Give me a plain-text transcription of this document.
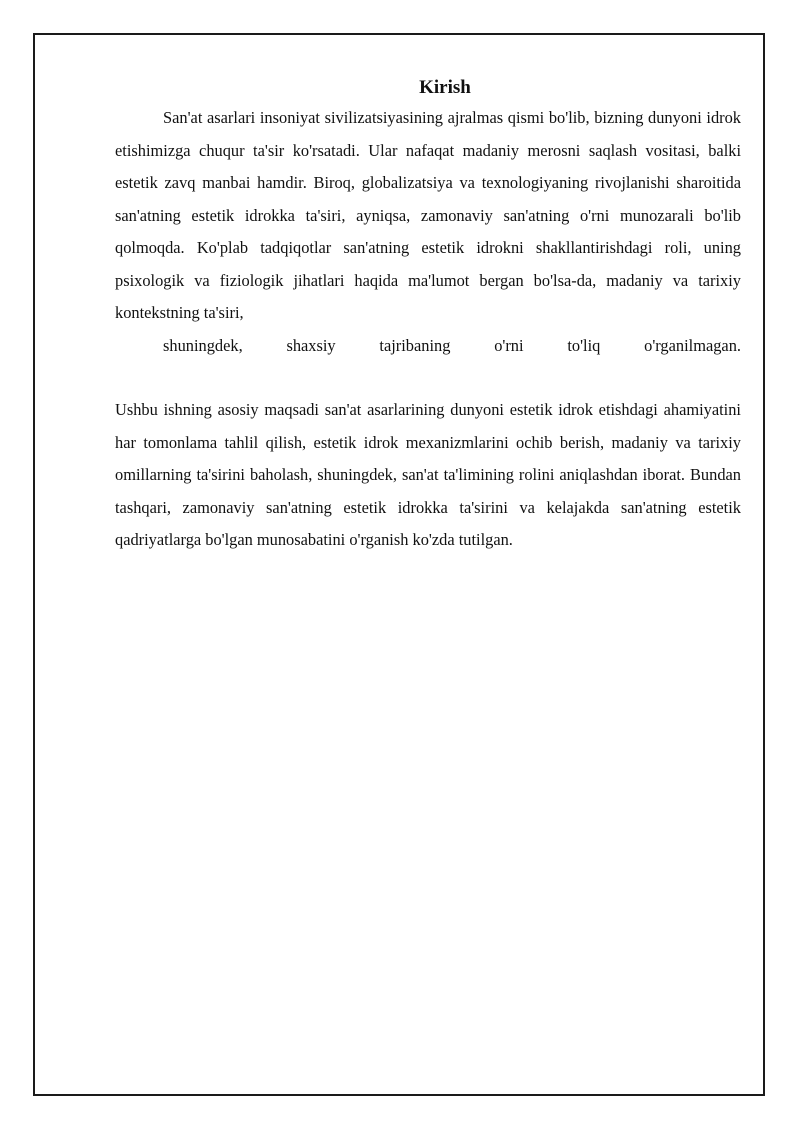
Kirish

San'at asarlari insoniyat sivilizatsiyasining ajralmas qismi bo'lib, bizning dunyoni idrok etishimizga chuqur ta'sir ko'rsatadi. Ular nafaqat madaniy merosni saqlash vositasi, balki estetik zavq manbai hamdir. Biroq, globalizatsiya va texnologiyaning rivojlanishi sharoitida san'atning estetik idrokka ta'siri, ayniqsa, zamonaviy san'atning o'rni munozarali bo'lib qolmoqda. Ko'plab tadqiqotlar san'atning estetik idrokni shakllantirishdagi roli, uning psixologik va fiziologik jihatlari haqida ma'lumot bergan bo'lsa-da, madaniy va tarixiy kontekstning ta'siri,
shuningdek, shaxsiy tajribaning o'rni to'liq o'rganilmagan.

Ushbu ishning asosiy maqsadi san'at asarlarining dunyoni estetik idrok etishdagi ahamiyatini har tomonlama tahlil qilish, estetik idrok mexanizmlarini ochib berish, madaniy va tarixiy omillarning ta'sirini baholash, shuningdek, san'at ta'limining rolini aniqlashdan iborat. Bundan tashqari, zamonaviy san'atning estetik idrokka ta'sirini va kelajakda san'atning estetik qadriyatlarga bo'lgan munosabatini o'rganish ko'zda tutilgan.
